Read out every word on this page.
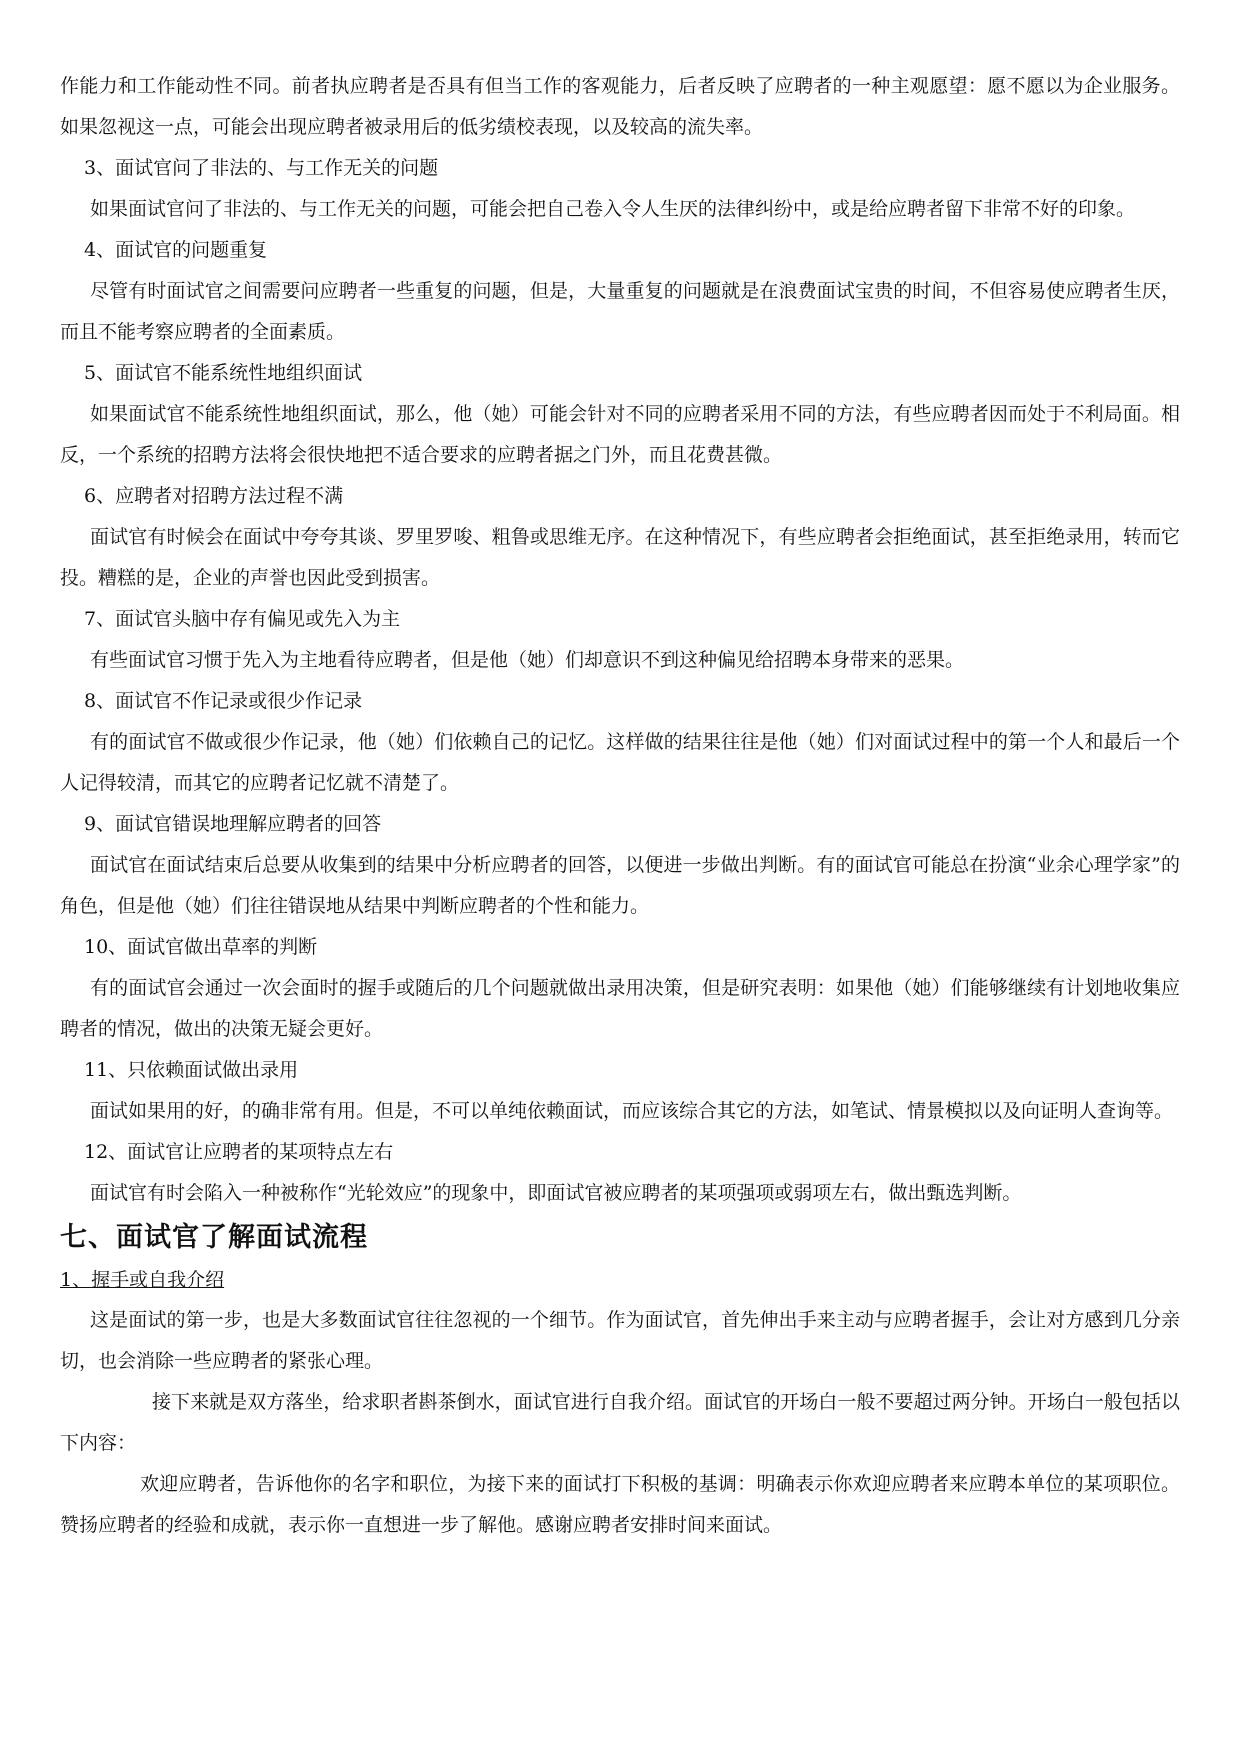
作能力和工作能动性不同。前者执应聘者是否具有但当工作的客观能力，后者反映了应聘者的一种主观愿望：愿不愿以为企业服务。如果忽视这一点，可能会出现应聘者被录用后的低劣绩校表现，以及较高的流失率。

3、面试官问了非法的、与工作无关的问题

如果面试官问了非法的、与工作无关的问题，可能会把自己卷入令人生厌的法律纠纷中，或是给应聘者留下非常不好的印象。

4、面试官的问题重复

尽管有时面试官之间需要问应聘者一些重复的问题，但是，大量重复的问题就是在浪费面试宝贵的时间，不但容易使应聘者生厌，而且不能考察应聘者的全面素质。

5、面试官不能系统性地组织面试

如果面试官不能系统性地组织面试，那么，他（她）可能会针对不同的应聘者采用不同的方法，有些应聘者因而处于不利局面。相反，一个系统的招聘方法将会很快地把不适合要求的应聘者据之门外，而且花费甚微。

6、应聘者对招聘方法过程不满

面试官有时候会在面试中夸夸其谈、罗里罗唆、粗鲁或思维无序。在这种情况下，有些应聘者会拒绝面试，甚至拒绝录用，转而它投。糟糕的是，企业的声誉也因此受到损害。

7、面试官头脑中存有偏见或先入为主

有些面试官习惯于先入为主地看待应聘者，但是他（她）们却意识不到这种偏见给招聘本身带来的恶果。

8、面试官不作记录或很少作记录

有的面试官不做或很少作记录，他（她）们依赖自己的记忆。这样做的结果往往是他（她）们对面试过程中的第一个人和最后一个人记得较清，而其它的应聘者记忆就不清楚了。

9、面试官错误地理解应聘者的回答

面试官在面试结束后总要从收集到的结果中分析应聘者的回答，以便进一步做出判断。有的面试官可能总在扮演“业余心理学家”的角色，但是他（她）们往往错误地从结果中判断应聘者的个性和能力。

10、面试官做出草率的判断

有的面试官会通过一次会面时的握手或随后的几个问题就做出录用决策，但是研究表明：如果他（她）们能够继续有计划地收集应聘者的情况，做出的决策无疑会更好。

11、只依赖面试做出录用

面试如果用的好，的确非常有用。但是，不可以单纯依赖面试，而应该综合其它的方法，如笔试、情景模拟以及向证明人查询等。

12、面试官让应聘者的某项特点左右

面试官有时会陷入一种被称作“光轮效应”的现象中，即面试官被应聘者的某项强项或弱项左右，做出甄选判断。

七、面试官了解面试流程

1、握手或自我介绍

这是面试的第一步，也是大多数面试官往往忽视的一个细节。作为面试官，首先伸出手来主动与应聘者握手，会让对方感到几分亲切，也会消除一些应聘者的紧张心理。

接下来就是双方落坐，给求职者斟茶倒水，面试官进行自我介绍。面试官的开场白一般不要超过两分钟。开场白一般包括以下内容：

欢迎应聘者，告诉他你的名字和职位，为接下来的面试打下积极的基调：明确表示你欢迎应聘者来应聘本单位的某项职位。赞扬应聘者的经验和成就，表示你一直想进一步了解他。感谢应聘者安排时间来面试。
